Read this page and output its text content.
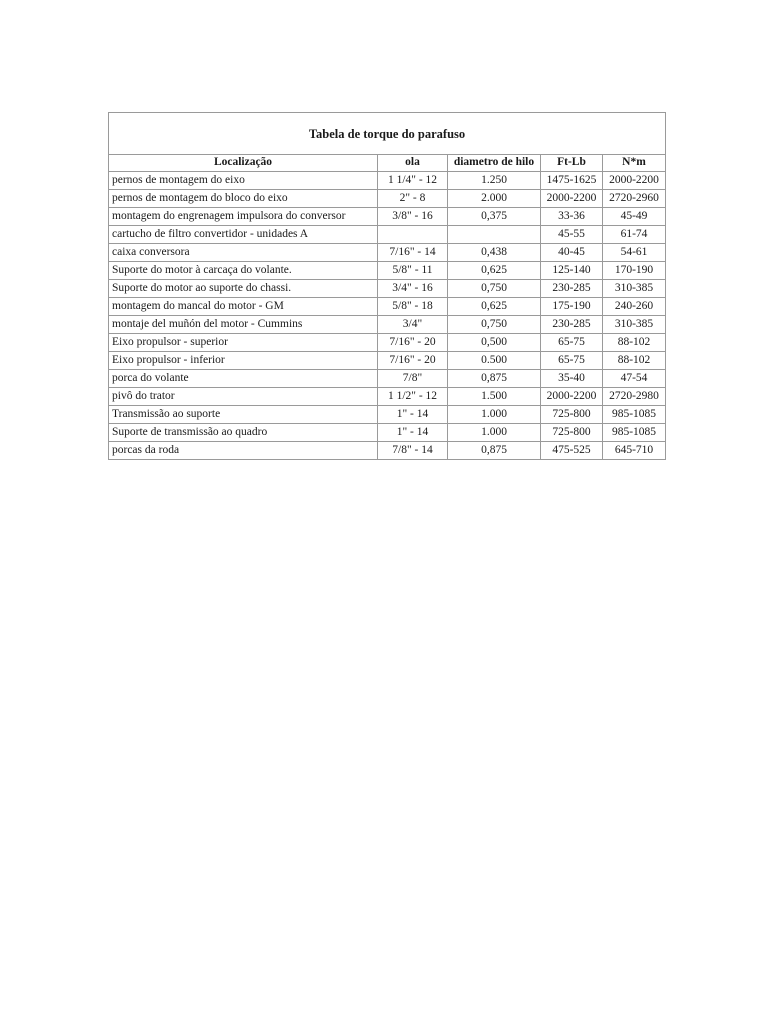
Tabela de torque do parafuso				
Localização	ola	diametro de hilo	Ft-Lb	N*m
pernos de montagem do eixo	1 1/4" - 12	1.250	1475-1625	2000-2200
pernos de montagem do bloco do eixo	2" - 8	2.000	2000-2200	2720-2960
montagem do engrenagem impulsora do conversor	3/8" - 16	0,375	33-36	45-49
cartucho de filtro convertidor - unidades A			45-55	61-74
caixa conversora	7/16" - 14	0,438	40-45	54-61
Suporte do motor à carcaça do volante.	5/8" - 11	0,625	125-140	170-190
Suporte do motor ao suporte do chassi.	3/4" - 16	0,750	230-285	310-385
montagem do mancal do motor - GM	5/8" - 18	0,625	175-190	240-260
montaje del muñón del motor - Cummins	3/4"	0,750	230-285	310-385
Eixo propulsor - superior	7/16" - 20	0,500	65-75	88-102
Eixo propulsor - inferior	7/16" - 20	0.500	65-75	88-102
porca do volante	7/8"	0,875	35-40	47-54
pivô do trator	1 1/2" - 12	1.500	2000-2200	2720-2980
Transmissão ao suporte	1" - 14	1.000	725-800	985-1085
Suporte de transmissão ao quadro	1" - 14	1.000	725-800	985-1085
porcas da roda	7/8" - 14	0,875	475-525	645-710
